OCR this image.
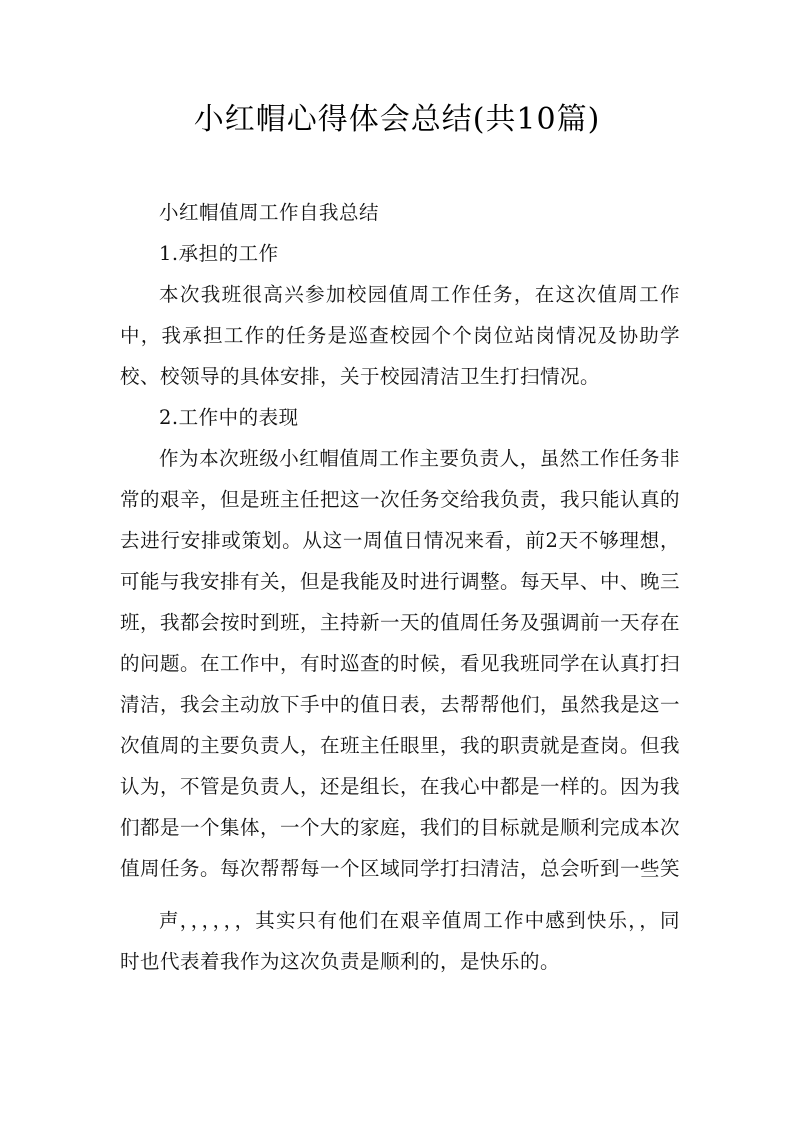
小红帽心得体会总结(共10篇)

小红帽值周工作自我总结

1.承担的工作

本次我班很高兴参加校园值周工作任务，在这次值周工作中，我承担工作的任务是巡查校园个个岗位站岗情况及协助学校、校领导的具体安排，关于校园清洁卫生打扫情况。

2.工作中的表现

作为本次班级小红帽值周工作主要负责人，虽然工作任务非常的艰辛，但是班主任把这一次任务交给我负责，我只能认真的去进行安排或策划。从这一周值日情况来看，前2天不够理想，可能与我安排有关，但是我能及时进行调整。每天早、中、晚三班，我都会按时到班，主持新一天的值周任务及强调前一天存在的问题。在工作中，有时巡查的时候，看见我班同学在认真打扫清洁，我会主动放下手中的值日表，去帮帮他们，虽然我是这一次值周的主要负责人，在班主任眼里，我的职责就是查岗。但我认为，不管是负责人，还是组长，在我心中都是一样的。因为我们都是一个集体，一个大的家庭，我们的目标就是顺利完成本次值周任务。每次帮帮每一个区域同学打扫清洁，总会听到一些笑

声，，，，，，其实只有他们在艰辛值周工作中感到快乐，，同时也代表着我作为这次负责是顺利的，是快乐的。
